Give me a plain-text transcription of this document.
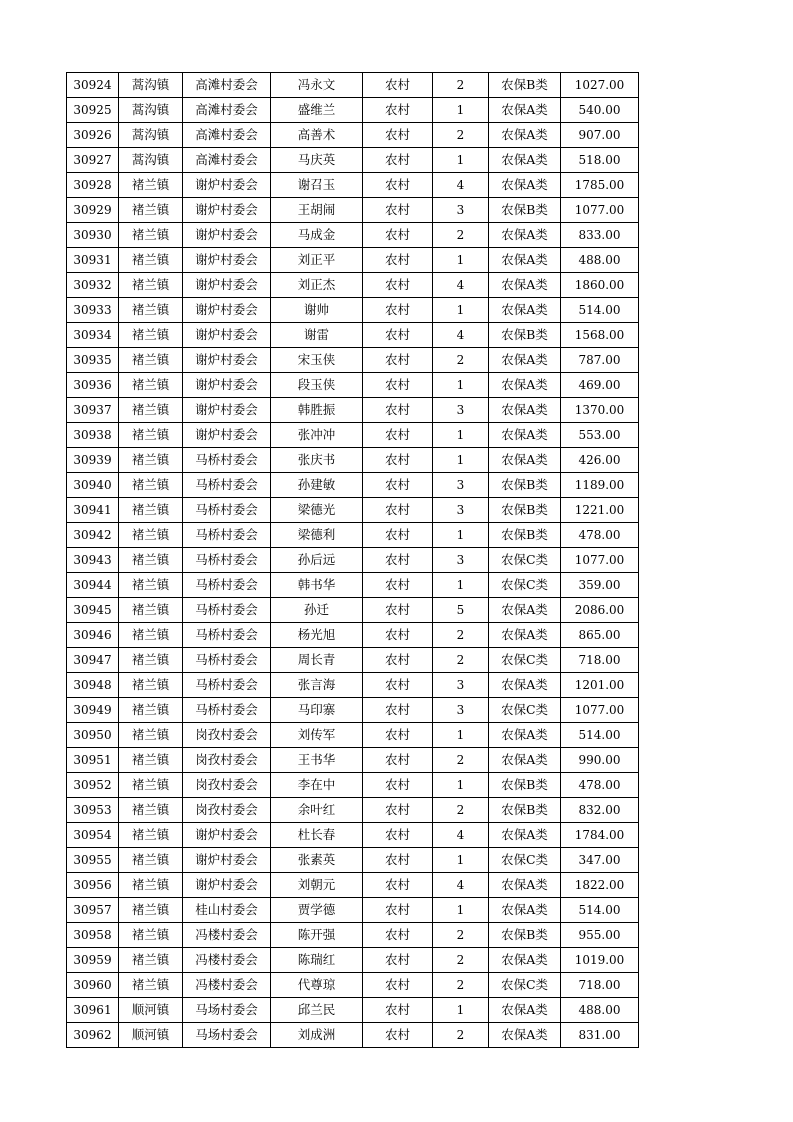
30924	蒿沟镇	高滩村委会	冯永文	农村	2	农保B类	1027.00
30925	蒿沟镇	高滩村委会	盛维兰	农村	1	农保A类	540.00
30926	蒿沟镇	高滩村委会	高善术	农村	2	农保A类	907.00
30927	蒿沟镇	高滩村委会	马庆英	农村	1	农保A类	518.00
30928	褚兰镇	谢炉村委会	谢召玉	农村	4	农保A类	1785.00
30929	褚兰镇	谢炉村委会	王胡闹	农村	3	农保B类	1077.00
30930	褚兰镇	谢炉村委会	马成金	农村	2	农保A类	833.00
30931	褚兰镇	谢炉村委会	刘正平	农村	1	农保A类	488.00
30932	褚兰镇	谢炉村委会	刘正杰	农村	4	农保A类	1860.00
30933	褚兰镇	谢炉村委会	谢帅	农村	1	农保A类	514.00
30934	褚兰镇	谢炉村委会	谢雷	农村	4	农保B类	1568.00
30935	褚兰镇	谢炉村委会	宋玉侠	农村	2	农保A类	787.00
30936	褚兰镇	谢炉村委会	段玉侠	农村	1	农保A类	469.00
30937	褚兰镇	谢炉村委会	韩胜振	农村	3	农保A类	1370.00
30938	褚兰镇	谢炉村委会	张冲冲	农村	1	农保A类	553.00
30939	褚兰镇	马桥村委会	张庆书	农村	1	农保A类	426.00
30940	褚兰镇	马桥村委会	孙建敏	农村	3	农保B类	1189.00
30941	褚兰镇	马桥村委会	梁德光	农村	3	农保B类	1221.00
30942	褚兰镇	马桥村委会	梁德利	农村	1	农保B类	478.00
30943	褚兰镇	马桥村委会	孙后远	农村	3	农保C类	1077.00
30944	褚兰镇	马桥村委会	韩书华	农村	1	农保C类	359.00
30945	褚兰镇	马桥村委会	孙迁	农村	5	农保A类	2086.00
30946	褚兰镇	马桥村委会	杨光旭	农村	2	农保A类	865.00
30947	褚兰镇	马桥村委会	周长青	农村	2	农保C类	718.00
30948	褚兰镇	马桥村委会	张言海	农村	3	农保A类	1201.00
30949	褚兰镇	马桥村委会	马印寨	农村	3	农保C类	1077.00
30950	褚兰镇	岗孜村委会	刘传军	农村	1	农保A类	514.00
30951	褚兰镇	岗孜村委会	王书华	农村	2	农保A类	990.00
30952	褚兰镇	岗孜村委会	李在中	农村	1	农保B类	478.00
30953	褚兰镇	岗孜村委会	余叶红	农村	2	农保B类	832.00
30954	褚兰镇	谢炉村委会	杜长春	农村	4	农保A类	1784.00
30955	褚兰镇	谢炉村委会	张素英	农村	1	农保C类	347.00
30956	褚兰镇	谢炉村委会	刘朝元	农村	4	农保A类	1822.00
30957	褚兰镇	桂山村委会	贾学德	农村	1	农保A类	514.00
30958	褚兰镇	冯楼村委会	陈开强	农村	2	农保B类	955.00
30959	褚兰镇	冯楼村委会	陈瑞红	农村	2	农保A类	1019.00
30960	褚兰镇	冯楼村委会	代尊琼	农村	2	农保C类	718.00
30961	顺河镇	马场村委会	邱兰民	农村	1	农保A类	488.00
30962	顺河镇	马场村委会	刘成洲	农村	2	农保A类	831.00
